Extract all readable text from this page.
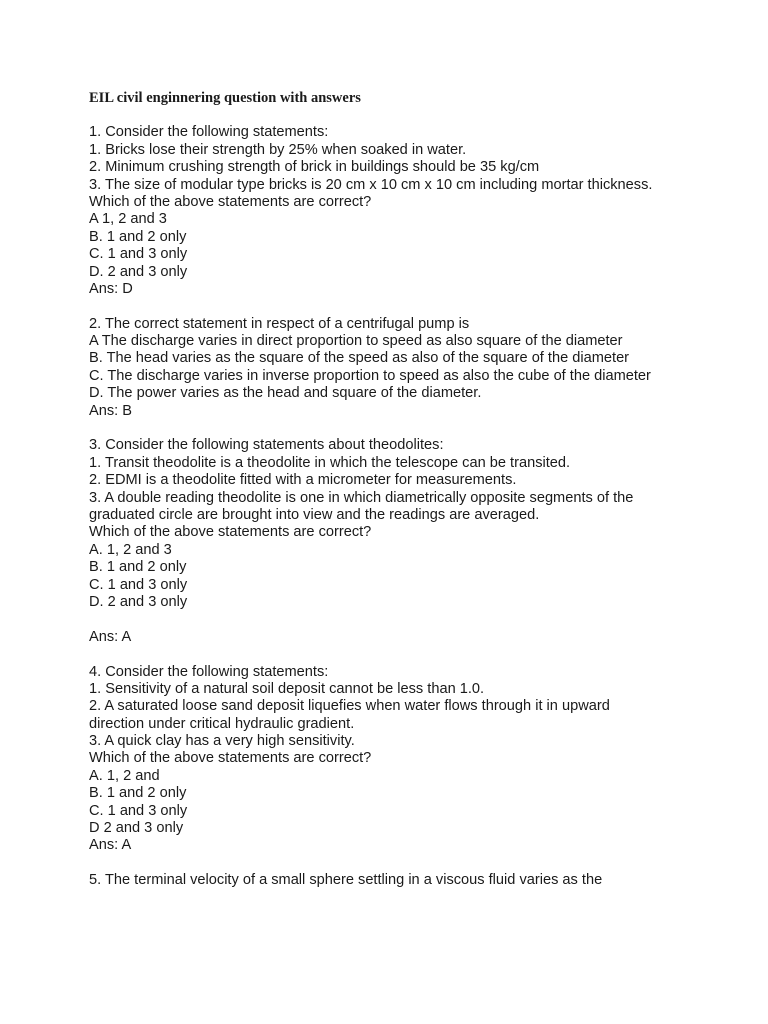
EIL civil enginnering question with answers

1. Consider the following statements:
1. Bricks lose their strength by 25% when soaked in water.
2. Minimum crushing strength of brick in buildings should be 35 kg/cm
3. The size of modular type bricks is 20 cm x 10 cm x 10 cm including mortar thickness.
Which of the above statements are correct?
A 1, 2 and 3
B. 1 and 2 only
C. 1 and 3 only
D. 2 and 3 only
Ans: D
2. The correct statement in respect of a centrifugal pump is
A The discharge varies in direct proportion to speed as also square of the diameter
B. The head varies as the square of the speed as also of the square of the diameter
C. The discharge varies in inverse proportion to speed as also the cube of the diameter
D. The power varies as the head and square of the diameter.
Ans: B
3. Consider the following statements about theodolites:
1. Transit theodolite is a theodolite in which the telescope can be transited.
2. EDMI is a theodolite fitted with a micrometer for measurements.
3. A double reading theodolite is one in which diametrically opposite segments of the
graduated circle are brought into view and the readings are averaged.
Which of the above statements are correct?
A. 1, 2 and 3
B. 1 and 2 only
C. 1 and 3 only
D. 2 and 3 only
Ans: A
4. Consider the following statements:
1. Sensitivity of a natural soil deposit cannot be less than 1.0.
2. A saturated loose sand deposit liquefies when water flows through it in upward
direction under critical hydraulic gradient.
3. A quick clay has a very high sensitivity.
Which of the above statements are correct?
A. 1, 2 and
B. 1 and 2 only
C. 1 and 3 only
D 2 and 3 only
Ans: A
5. The terminal velocity of a small sphere settling in a viscous fluid varies as the
